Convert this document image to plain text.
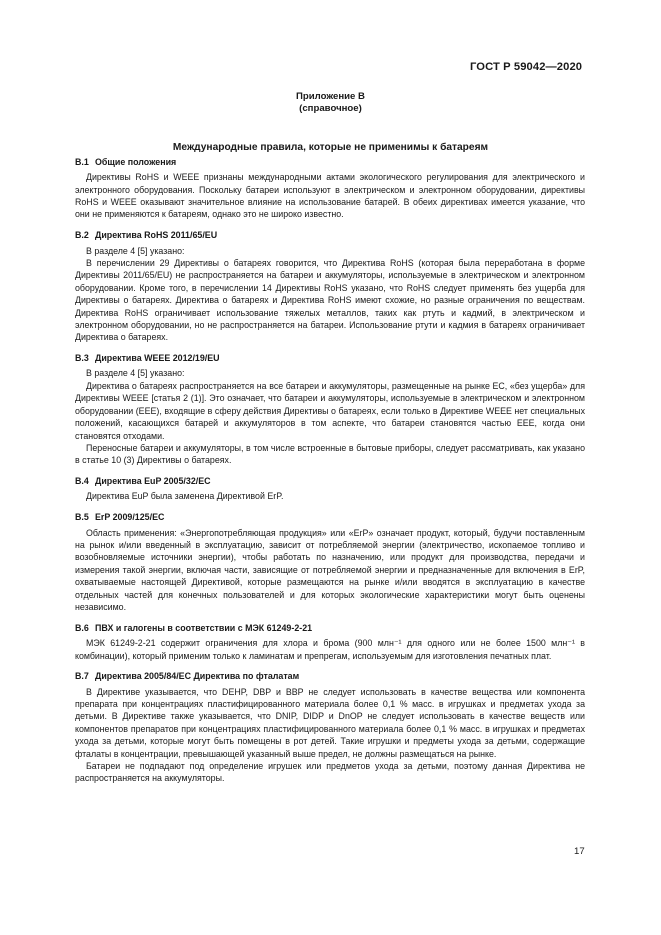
ГОСТ Р 59042—2020
Приложение В
(справочное)
Международные правила, которые не применимы к батареям
В.1 Общие положения

Директивы RoHS и WEEE признаны международными актами экологического регулирования для электрического и электронного оборудования. Поскольку батареи используют в электрическом и электронном оборудовании, директивы RoHS и WEEE оказывают значительное влияние на использование батарей. В обеих директивах имеется указание, что они не применяются к батареям, однако это не широко известно.

В.2 Директива RoHS 2011/65/EU

В разделе 4 [5] указано:

В перечислении 29 Директивы о батареях говорится, что Директива RoHS (которая была переработана в форме Директивы 2011/65/EU) не распространяется на батареи и аккумуляторы, используемые в электрическом и электронном оборудовании. Кроме того, в перечислении 14 Директивы RoHS указано, что RoHS следует применять без ущерба для Директивы о батареях. Директива о батареях и Директива RoHS имеют схожие, но разные ограничения по веществам. Директива RoHS ограничивает использование тяжелых металлов, таких как ртуть и кадмий, в электрическом и электронном оборудовании, но не распространяется на батареи. Использование ртути и кадмия в батареях ограничивает Директива о батареях.

В.3 Директива WEEE 2012/19/EU

В разделе 4 [5] указано:

Директива о батареях распространяется на все батареи и аккумуляторы, размещенные на рынке ЕС, «без ущерба» для Директивы WEEE [статья 2 (1)]. Это означает, что батареи и аккумуляторы, используемые в электрическом и электронном оборудовании (EEE), входящие в сферу действия Директивы о батареях, если только в Директиве WEEE нет специальных положений, касающихся батарей и аккумуляторов в том аспекте, что батареи становятся частью EEE, когда они становятся отходами.

Переносные батареи и аккумуляторы, в том числе встроенные в бытовые приборы, следует рассматривать, как указано в статье 10 (3) Директивы о батареях.

В.4 Директива EuP 2005/32/EC

Директива EuP была заменена Директивой ErP.

В.5 ErP 2009/125/EC

Область применения: «Энергопотребляющая продукция» или «ErP» означает продукт, который, будучи поставленным на рынок и/или введенный в эксплуатацию, зависит от потребляемой энергии (электричество, ископаемое топливо и возобновляемые источники энергии), чтобы работать по назначению, или продукт для производства, передачи и измерения такой энергии, включая части, зависящие от потребляемой энергии и предназначенные для включения в ErP, охватываемые настоящей Директивой, которые размещаются на рынке и/или вводятся в эксплуатацию в качестве отдельных частей для конечных пользователей и для которых экологические характеристики могут быть оценены независимо.

В.6 ПВХ и галогены в соответствии с МЭК 61249-2-21

МЭК 61249-2-21 содержит ограничения для хлора и брома (900 млн⁻¹ для одного или не более 1500 млн⁻¹ в комбинации), который применим только к ламинатам и препрегам, используемым для изготовления печатных плат.

В.7 Директива 2005/84/EC Директива по фталатам

В Директиве указывается, что DEHP, DBP и BBP не следует использовать в качестве вещества или компонента препарата при концентрациях пластифицированного материала более 0,1 % масс. в игрушках и предметах ухода за детьми. В Директиве также указывается, что DNIP, DIDP и DnOP не следует использовать в качестве веществ или компонентов препаратов при концентрациях пластифицированного материала более 0,1 % масс. в игрушках и предметах ухода за детьми, которые могут быть помещены в рот детей. Такие игрушки и предметы ухода за детьми, содержащие фталаты в концентрации, превышающей указанный выше предел, не должны размещаться на рынке.

Батареи не подпадают под определение игрушек или предметов ухода за детьми, поэтому данная Директива не распространяется на аккумуляторы.

17
